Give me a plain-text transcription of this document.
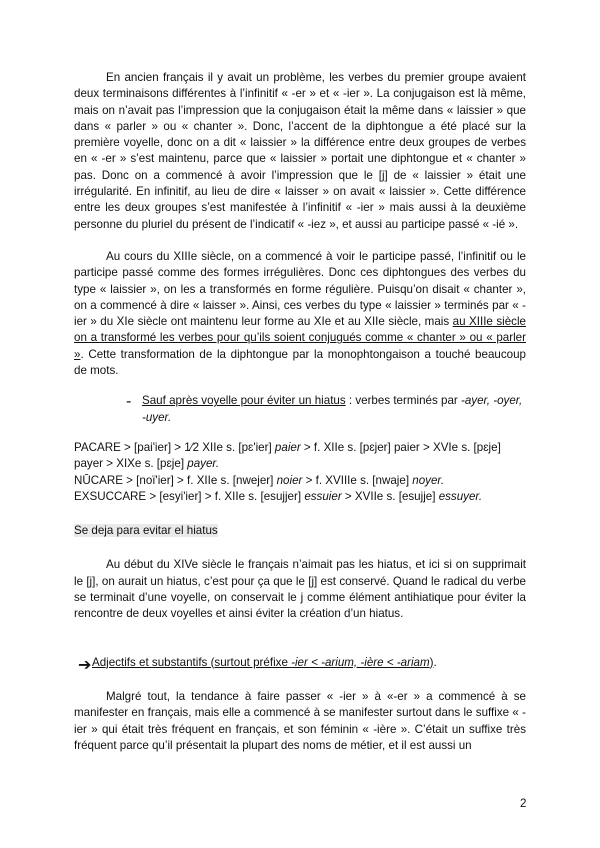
En ancien français il y avait un problème, les verbes du premier groupe avaient deux terminaisons différentes à l’infinitif « -er » et « -ier ». La conjugaison est là même, mais on n’avait pas l’impression que la conjugaison était la même dans « laissier » que dans « parler » ou « chanter ». Donc, l’accent de la diphtongue a été placé sur la première voyelle, donc on a dit « laissier » la différence entre deux groupes de verbes en « -er » s’est maintenu, parce que « laissier » portait une diphtongue et « chanter » pas. Donc on a commencé à avoir l’impression que le [j] de « laissier » était une irrégularité. En infinitif, au lieu de dire « laisser » on avait « laissier ». Cette différence entre les deux groupes s’est manifestée à l’infinitif « -ier » mais aussi à la deuxième personne du pluriel du présent de l’indicatif « -iez », et aussi au participe passé « -ié ».

Au cours du XIIIe siècle, on a commencé à voir le participe passé, l’infinitif ou le participe passé comme des formes irrégulières. Donc ces diphtongues des verbes du type « laissier », on les a transformés en forme régulière. Puisqu’on disait « chanter », on a commencé à dire « laisser ». Ainsi, ces verbes du type « laissier » terminés par « -ier » du XIe siècle ont maintenu leur forme au XIe et au XIIe siècle, mais au XIIIe siècle on a transformé les verbes pour qu’ils soient conjugués comme « chanter » ou « parler ». Cette transformation de la diphtongue par la monophtongaison a touché beaucoup de mots.

- Sauf après voyelle pour éviter un hiatus : verbes terminés par -ayer, -oyer, -uyer.

PACARE > [pai'ier] > 1⁄2 XIIe s. [pɛ'ier] paier > f. XIIe s. [pɛjer] paier > XVIe s. [pɛje] payer > XIXe s. [pɛje] payer.

NŪCARE > [noï'ier] > f. XIIe s. [nwejer] noier > f. XVIIIe s. [nwaje] noyer.

EXSUCCARE > [esyi'ier] > f. XIIe s. [esujjer] essuier > XVIIe s. [esujje] essuyer.

Se deja para evitar el hiatus

Au début du XIVe siècle le français n’aimait pas les hiatus, et ici si on supprimait le [j], on aurait un hiatus, c’est pour ça que le [j] est conservé. Quand le radical du verbe se terminait d’une voyelle, on conservait le j comme élément antihiatique pour éviter la rencontre de deux voyelles et ainsi éviter la création d’un hiatus.

➔ Adjectifs et substantifs (surtout préfixe -ier < -arium, -ière < -ariam).

Malgré tout, la tendance à faire passer « -ier » à «-er » a commencé à se manifester en français, mais elle a commencé à se manifester surtout dans le suffixe « -ier » qui était très fréquent en français, et son féminin « -ière ». C’était un suffixe très fréquent parce qu’il présentait la plupart des noms de métier, et il est aussi un

2
